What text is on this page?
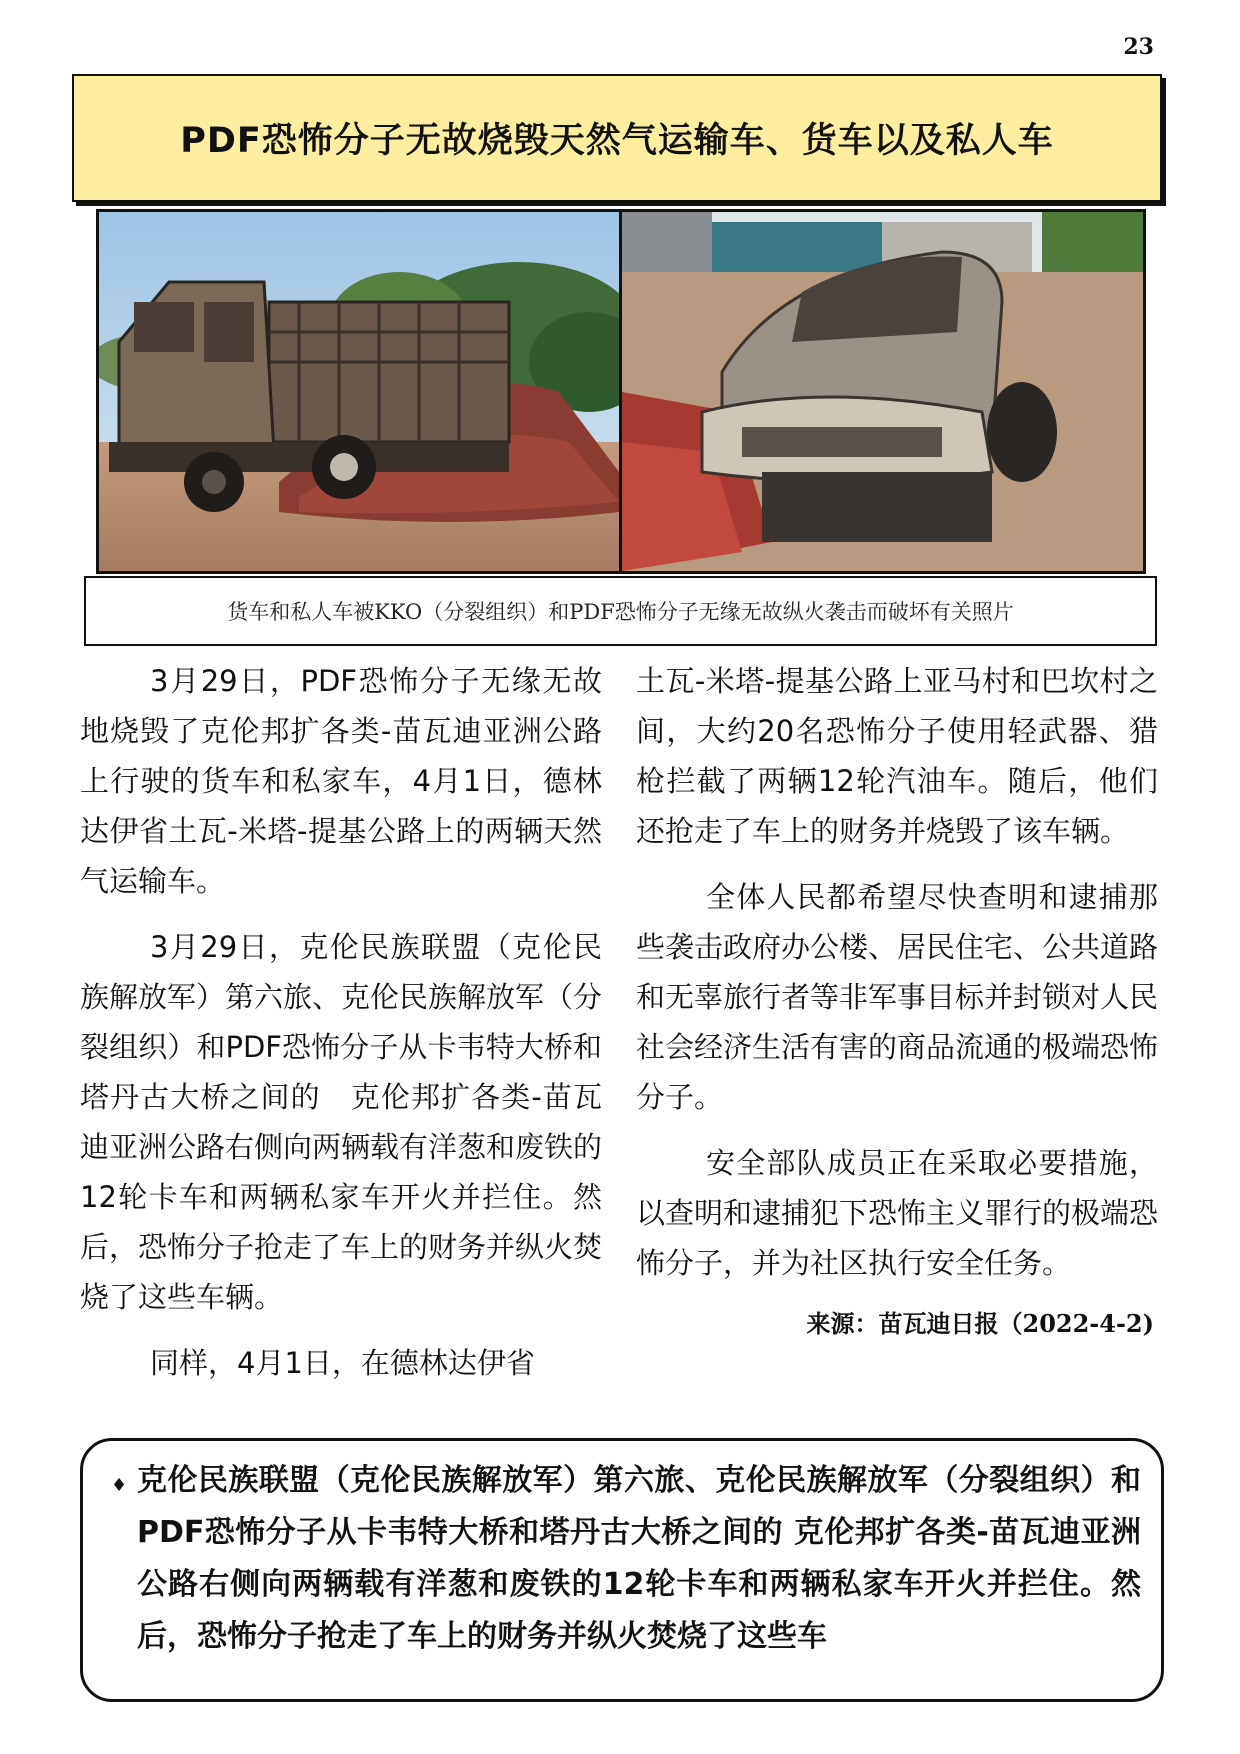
23
PDF恐怖分子无故烧毁天然气运输车、货车以及私人车
货车和私人车被KKO（分裂组织）和PDF恐怖分子无缘无故纵火袭击而破坏有关照片

3月29日，PDF恐怖分子无缘无故地烧毁了克伦邦扩各类-苗瓦迪亚洲公路上行驶的货车和私家车，4月1日，德林达伊省土瓦-米塔-提基公路上的两辆天然气运输车。

3月29日，克伦民族联盟（克伦民族解放军）第六旅、克伦民族解放军（分裂组织）和PDF恐怖分子从卡韦特大桥和塔丹古大桥之间的　克伦邦扩各类-苗瓦迪亚洲公路右侧向两辆载有洋葱和废铁的12轮卡车和两辆私家车开火并拦住。然后，恐怖分子抢走了车上的财务并纵火焚烧了这些车辆。

同样，4月1日，在德林达伊省

土瓦-米塔-提基公路上亚马村和巴坎村之间，大约20名恐怖分子使用轻武器、猎枪拦截了两辆12轮汽油车。随后，他们还抢走了车上的财务并烧毁了该车辆。

全体人民都希望尽快查明和逮捕那些袭击政府办公楼、居民住宅、公共道路和无辜旅行者等非军事目标并封锁对人民社会经济生活有害的商品流通的极端恐怖分子。

安全部队成员正在采取必要措施，以查明和逮捕犯下恐怖主义罪行的极端恐怖分子，并为社区执行安全任务。

来源：苗瓦迪日报（2022-4-2)
♦ 克伦民族联盟（克伦民族解放军）第六旅、克伦民族解放军（分裂组织）和PDF恐怖分子从卡韦特大桥和塔丹古大桥之间的 克伦邦扩各类-苗瓦迪亚洲公路右侧向两辆载有洋葱和废铁的12轮卡车和两辆私家车开火并拦住。然后，恐怖分子抢走了车上的财务并纵火焚烧了这些车
